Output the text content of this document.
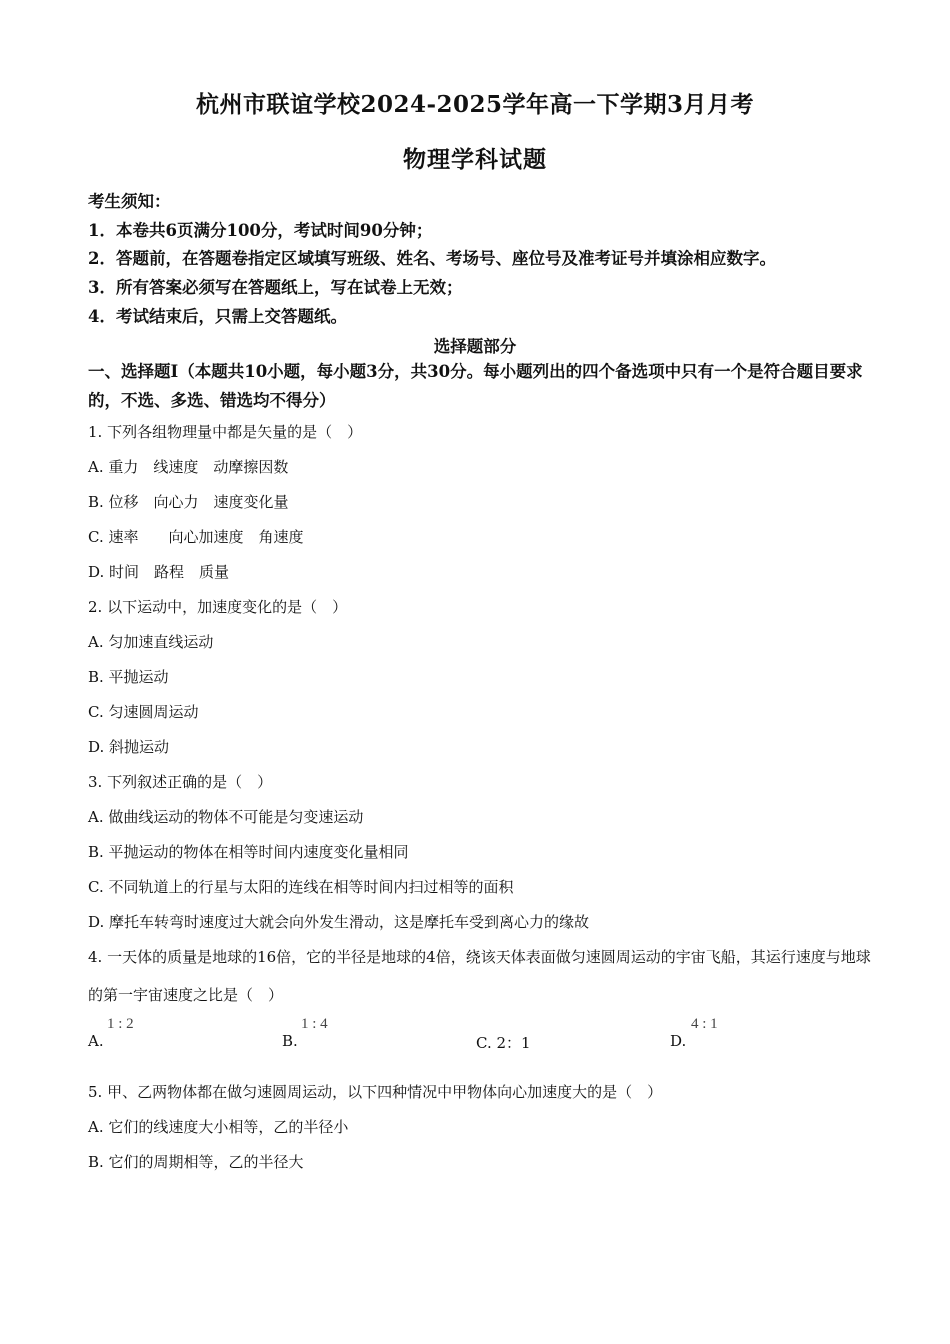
杭州市联谊学校2024-2025学年高一下学期3月月考
物理学科试题
考生须知：
1．本卷共6页满分100分，考试时间90分钟；
2．答题前，在答题卷指定区域填写班级、姓名、考场号、座位号及准考证号并填涂相应数字。
3．所有答案必须写在答题纸上，写在试卷上无效；
4．考试结束后，只需上交答题纸。
选择题部分
一、选择题Ⅰ（本题共10小题，每小题3分，共30分。每小题列出的四个备选项中只有一个是符合题目要求的，不选、多选、错选均不得分）
1. 下列各组物理量中都是矢量的是（　）
A. 重力　线速度　动摩擦因数
B. 位移　向心力　速度变化量
C. 速率　　向心加速度　角速度
D. 时间　路程　质量
2. 以下运动中，加速度变化的是（　）
A. 匀加速直线运动
B. 平抛运动
C. 匀速圆周运动
D. 斜抛运动
3. 下列叙述正确的是（　）
A. 做曲线运动的物体不可能是匀变速运动
B. 平抛运动的物体在相等时间内速度变化量相同
C. 不同轨道上的行星与太阳的连线在相等时间内扫过相等的面积
D. 摩托车转弯时速度过大就会向外发生滑动，这是摩托车受到离心力的缘故
4. 一天体的质量是地球的16倍，它的半径是地球的4倍，绕该天体表面做匀速圆周运动的宇宙飞船，其运行速度与地球的第一宇宙速度之比是（　）
A.
1 : 2
B.
1 : 4
C. 2：1	D.
4 : 1
5. 甲、乙两物体都在做匀速圆周运动，以下四种情况中甲物体向心加速度大的是（　）
A. 它们的线速度大小相等，乙的半径小
B. 它们的周期相等，乙的半径大
